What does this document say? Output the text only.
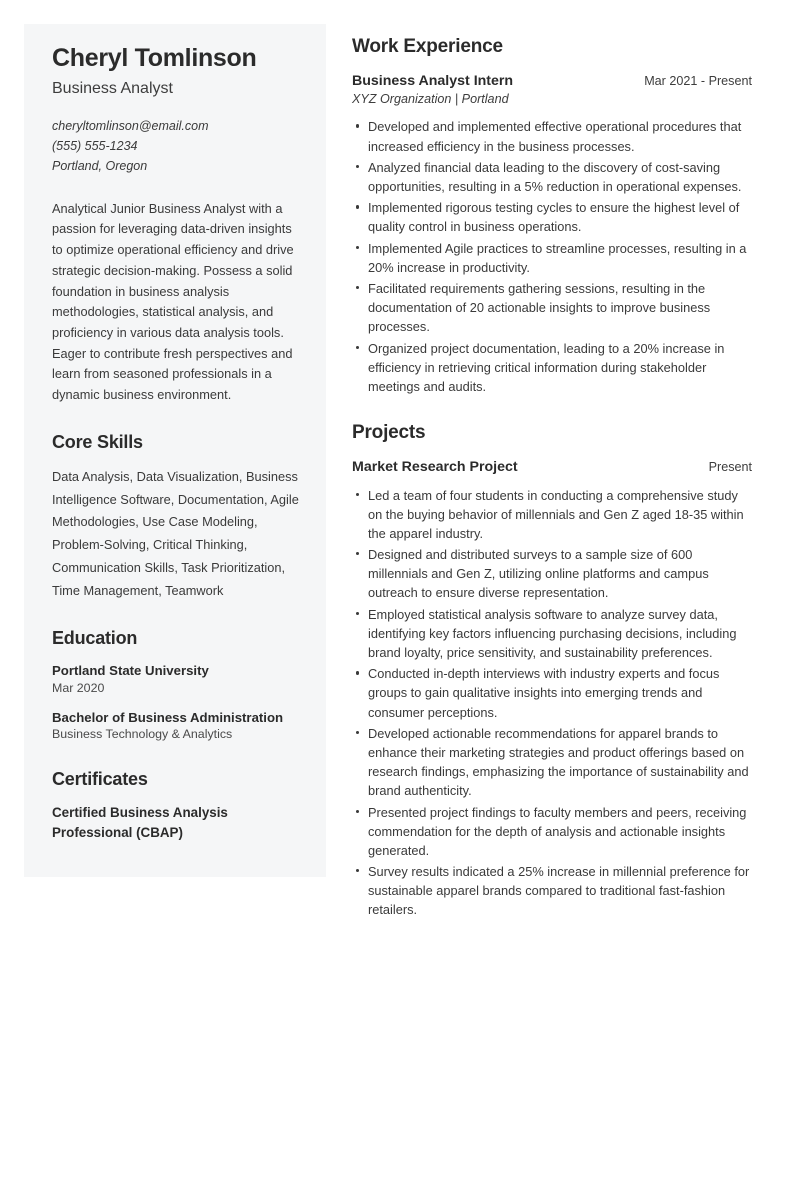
Cheryl Tomlinson
Business Analyst
cheryltomlinson@email.com
(555) 555-1234
Portland, Oregon

Analytical Junior Business Analyst with a passion for leveraging data-driven insights to optimize operational efficiency and drive strategic decision-making. Possess a solid foundation in business analysis methodologies, statistical analysis, and proficiency in various data analysis tools. Eager to contribute fresh perspectives and learn from seasoned professionals in a dynamic business environment.

Core Skills
Data Analysis, Data Visualization, Business Intelligence Software, Documentation, Agile Methodologies, Use Case Modeling, Problem-Solving, Critical Thinking, Communication Skills, Task Prioritization, Time Management, Teamwork
Education
Portland State University
Mar 2020
Bachelor of Business Administration
Business Technology & Analytics
Certificates
Certified Business Analysis Professional (CBAP)
Work Experience
Business Analyst Intern	Mar 2021 - Present
XYZ Organization | Portland
Developed and implemented effective operational procedures that increased efficiency in the business processes.
Analyzed financial data leading to the discovery of cost-saving opportunities, resulting in a 5% reduction in operational expenses.
Implemented rigorous testing cycles to ensure the highest level of quality control in business operations.
Implemented Agile practices to streamline processes, resulting in a 20% increase in productivity.
Facilitated requirements gathering sessions, resulting in the documentation of 20 actionable insights to improve business processes.
Organized project documentation, leading to a 20% increase in efficiency in retrieving critical information during stakeholder meetings and audits.
Projects
Market Research Project	Present
Led a team of four students in conducting a comprehensive study on the buying behavior of millennials and Gen Z aged 18-35 within the apparel industry.
Designed and distributed surveys to a sample size of 600 millennials and Gen Z, utilizing online platforms and campus outreach to ensure diverse representation.
Employed statistical analysis software to analyze survey data, identifying key factors influencing purchasing decisions, including brand loyalty, price sensitivity, and sustainability preferences.
Conducted in-depth interviews with industry experts and focus groups to gain qualitative insights into emerging trends and consumer perceptions.
Developed actionable recommendations for apparel brands to enhance their marketing strategies and product offerings based on research findings, emphasizing the importance of sustainability and brand authenticity.
Presented project findings to faculty members and peers, receiving commendation for the depth of analysis and actionable insights generated.
Survey results indicated a 25% increase in millennial preference for sustainable apparel brands compared to traditional fast-fashion retailers.
